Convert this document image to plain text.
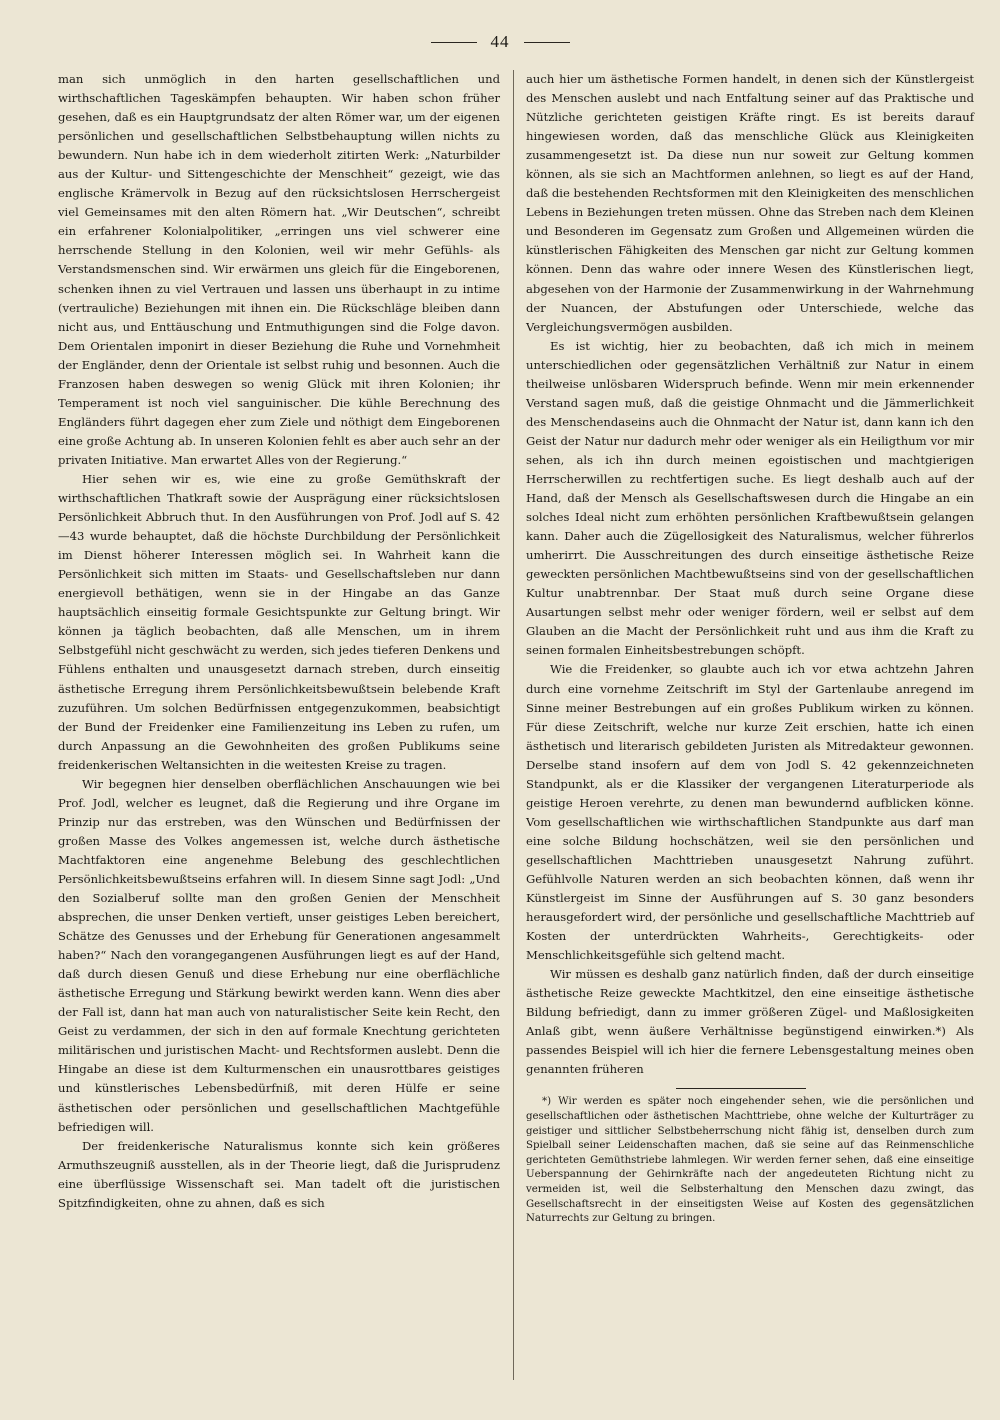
44

man sich unmöglich in den harten gesellschaftlichen und wirthschaftlichen Tageskämpfen behaupten. Wir haben schon früher gesehen, daß es ein Hauptgrundsatz der alten Römer war, um der eigenen persönlichen und gesellschaftlichen Selbstbehauptung willen nichts zu bewundern. Nun habe ich in dem wiederholt zitirten Werk: „Naturbilder aus der Kultur- und Sittengeschichte der Menschheit“ gezeigt, wie das englische Krämervolk in Bezug auf den rücksichtslosen Herrschergeist viel Gemeinsames mit den alten Römern hat. „Wir Deutschen“, schreibt ein erfahrener Kolonialpolitiker, „erringen uns viel schwerer eine herrschende Stellung in den Kolonien, weil wir mehr Gefühls- als Verstandsmenschen sind. Wir erwärmen uns gleich für die Eingeborenen, schenken ihnen zu viel Vertrauen und lassen uns überhaupt in zu intime (vertrauliche) Beziehungen mit ihnen ein. Die Rückschläge bleiben dann nicht aus, und Enttäuschung und Entmuthigungen sind die Folge davon. Dem Orientalen imponirt in dieser Beziehung die Ruhe und Vornehmheit der Engländer, denn der Orientale ist selbst ruhig und besonnen. Auch die Franzosen haben deswegen so wenig Glück mit ihren Kolonien; ihr Temperament ist noch viel sanguinischer. Die kühle Berechnung des Engländers führt dagegen eher zum Ziele und nöthigt dem Eingeborenen eine große Achtung ab. In unseren Kolonien fehlt es aber auch sehr an der privaten Initiative. Man erwartet Alles von der Regierung.“

Hier sehen wir es, wie eine zu große Gemüthskraft der wirthschaftlichen Thatkraft sowie der Ausprägung einer rücksichtslosen Persönlichkeit Abbruch thut. In den Ausführungen von Prof. Jodl auf S. 42—43 wurde behauptet, daß die höchste Durchbildung der Persönlichkeit im Dienst höherer Interessen möglich sei. In Wahrheit kann die Persönlichkeit sich mitten im Staats- und Gesellschaftsleben nur dann energievoll bethätigen, wenn sie in der Hingabe an das Ganze hauptsächlich einseitig formale Gesichtspunkte zur Geltung bringt. Wir können ja täglich beobachten, daß alle Menschen, um in ihrem Selbstgefühl nicht geschwächt zu werden, sich jedes tieferen Denkens und Fühlens enthalten und unausgesetzt darnach streben, durch einseitig ästhetische Erregung ihrem Persönlichkeitsbewußtsein belebende Kraft zuzuführen. Um solchen Bedürfnissen entgegenzukommen, beabsichtigt der Bund der Freidenker eine Familienzeitung ins Leben zu rufen, um durch Anpassung an die Gewohnheiten des großen Publikums seine freidenkerischen Weltansichten in die weitesten Kreise zu tragen.

Wir begegnen hier denselben oberflächlichen Anschauungen wie bei Prof. Jodl, welcher es leugnet, daß die Regierung und ihre Organe im Prinzip nur das erstreben, was den Wünschen und Bedürfnissen der großen Masse des Volkes angemessen ist, welche durch ästhetische Machtfaktoren eine angenehme Belebung des geschlechtlichen Persönlichkeitsbewußtseins erfahren will. In diesem Sinne sagt Jodl: „Und den Sozialberuf sollte man den großen Genien der Menschheit absprechen, die unser Denken vertieft, unser geistiges Leben bereichert, Schätze des Genusses und der Erhebung für Generationen angesammelt haben?“ Nach den vorangegangenen Ausführungen liegt es auf der Hand, daß durch diesen Genuß und diese Erhebung nur eine oberflächliche ästhetische Erregung und Stärkung bewirkt werden kann. Wenn dies aber der Fall ist, dann hat man auch von naturalistischer Seite kein Recht, den Geist zu verdammen, der sich in den auf formale Knechtung gerichteten militärischen und juristischen Macht- und Rechtsformen auslebt. Denn die Hingabe an diese ist dem Kulturmenschen ein unausrottbares geistiges und künstlerisches Lebensbedürfniß, mit deren Hülfe er seine ästhetischen oder persönlichen und gesellschaftlichen Machtgefühle befriedigen will.

Der freidenkerische Naturalismus konnte sich kein größeres Armuthszeugniß ausstellen, als in der Theorie liegt, daß die Jurisprudenz eine überflüssige Wissenschaft sei. Man tadelt oft die juristischen Spitzfindigkeiten, ohne zu ahnen, daß es sich

auch hier um ästhetische Formen handelt, in denen sich der Künstlergeist des Menschen auslebt und nach Entfaltung seiner auf das Praktische und Nützliche gerichteten geistigen Kräfte ringt. Es ist bereits darauf hingewiesen worden, daß das menschliche Glück aus Kleinigkeiten zusammengesetzt ist. Da diese nun nur soweit zur Geltung kommen können, als sie sich an Machtformen anlehnen, so liegt es auf der Hand, daß die bestehenden Rechtsformen mit den Kleinigkeiten des menschlichen Lebens in Beziehungen treten müssen. Ohne das Streben nach dem Kleinen und Besonderen im Gegensatz zum Großen und Allgemeinen würden die künstlerischen Fähigkeiten des Menschen gar nicht zur Geltung kommen können. Denn das wahre oder innere Wesen des Künstlerischen liegt, abgesehen von der Harmonie der Zusammenwirkung in der Wahrnehmung der Nuancen, der Abstufungen oder Unterschiede, welche das Vergleichungsvermögen ausbilden.

Es ist wichtig, hier zu beobachten, daß ich mich in meinem unterschiedlichen oder gegensätzlichen Verhältniß zur Natur in einem theilweise unlösbaren Widerspruch befinde. Wenn mir mein erkennender Verstand sagen muß, daß die geistige Ohnmacht und die Jämmerlichkeit des Menschendaseins auch die Ohnmacht der Natur ist, dann kann ich den Geist der Natur nur dadurch mehr oder weniger als ein Heiligthum vor mir sehen, als ich ihn durch meinen egoistischen und machtgierigen Herrscherwillen zu rechtfertigen suche. Es liegt deshalb auch auf der Hand, daß der Mensch als Gesellschaftswesen durch die Hingabe an ein solches Ideal nicht zum erhöhten persönlichen Kraftbewußtsein gelangen kann. Daher auch die Zügellosigkeit des Naturalismus, welcher führerlos umherirrt. Die Ausschreitungen des durch einseitige ästhetische Reize geweckten persönlichen Machtbewußtseins sind von der gesellschaftlichen Kultur unabtrennbar. Der Staat muß durch seine Organe diese Ausartungen selbst mehr oder weniger fördern, weil er selbst auf dem Glauben an die Macht der Persönlichkeit ruht und aus ihm die Kraft zu seinen formalen Einheitsbestrebungen schöpft.

Wie die Freidenker, so glaubte auch ich vor etwa achtzehn Jahren durch eine vornehme Zeitschrift im Styl der Gartenlaube anregend im Sinne meiner Bestrebungen auf ein großes Publikum wirken zu können. Für diese Zeitschrift, welche nur kurze Zeit erschien, hatte ich einen ästhetisch und literarisch gebildeten Juristen als Mitredakteur gewonnen. Derselbe stand insofern auf dem von Jodl S. 42 gekennzeichneten Standpunkt, als er die Klassiker der vergangenen Literaturperiode als geistige Heroen verehrte, zu denen man bewundernd aufblicken könne. Vom gesellschaftlichen wie wirthschaftlichen Standpunkte aus darf man eine solche Bildung hochschätzen, weil sie den persönlichen und gesellschaftlichen Machttrieben unausgesetzt Nahrung zuführt. Gefühlvolle Naturen werden an sich beobachten können, daß wenn ihr Künstlergeist im Sinne der Ausführungen auf S. 30 ganz besonders herausgefordert wird, der persönliche und gesellschaftliche Machttrieb auf Kosten der unterdrückten Wahrheits-, Gerechtigkeits- oder Menschlichkeitsgefühle sich geltend macht.

Wir müssen es deshalb ganz natürlich finden, daß der durch einseitige ästhetische Reize geweckte Machtkitzel, den eine einseitige ästhetische Bildung befriedigt, dann zu immer größeren Zügel- und Maßlosigkeiten Anlaß gibt, wenn äußere Verhältnisse begünstigend einwirken.*) Als passendes Beispiel will ich hier die fernere Lebensgestaltung meines oben genannten früheren

*) Wir werden es später noch eingehender sehen, wie die persönlichen und gesellschaftlichen oder ästhetischen Machttriebe, ohne welche der Kulturträger zu geistiger und sittlicher Selbstbeherrschung nicht fähig ist, denselben durch zum Spielball seiner Leidenschaften machen, daß sie seine auf das Reinmenschliche gerichteten Gemüthstriebe lahmlegen. Wir werden ferner sehen, daß eine einseitige Ueberspannung der Gehirnkräfte nach der angedeuteten Richtung nicht zu vermeiden ist, weil die Selbsterhaltung den Menschen dazu zwingt, das Gesellschaftsrecht in der einseitigsten Weise auf Kosten des gegensätzlichen Naturrechts zur Geltung zu bringen.
